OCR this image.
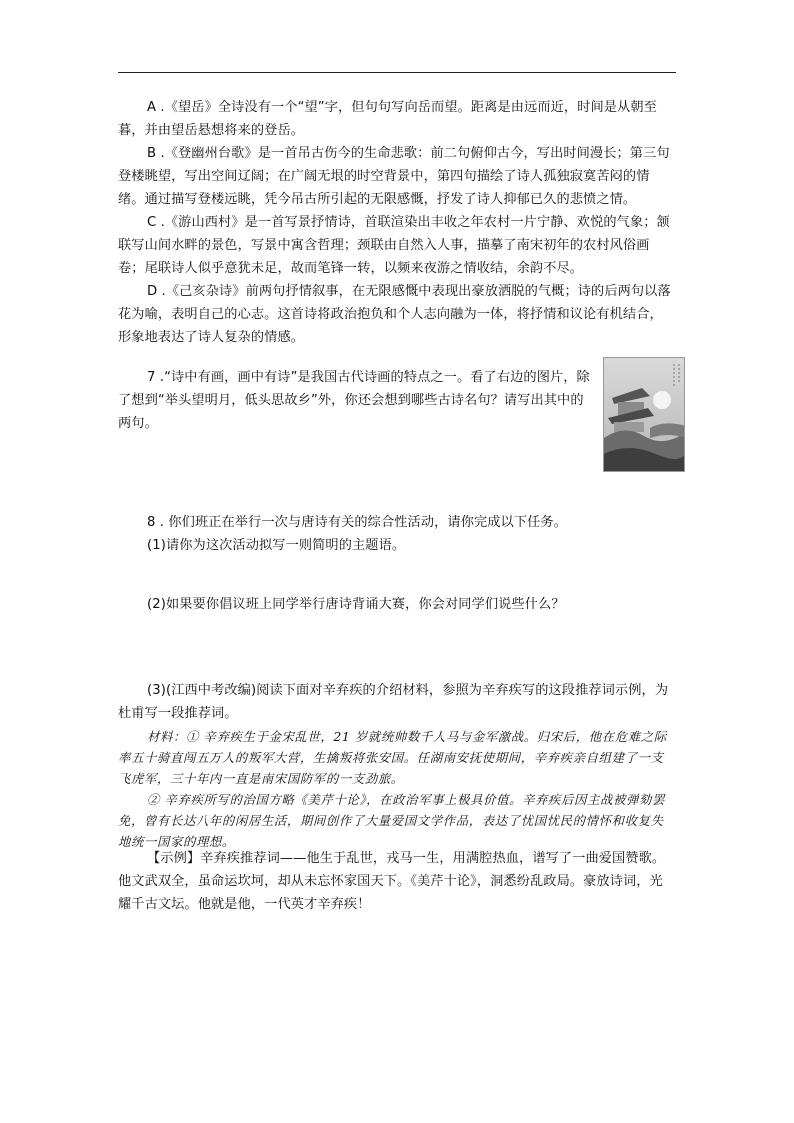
A .《望岳》全诗没有一个“望”字，但句句写向岳而望。距离是由远而近，时间是从朝至暮，并由望岳悬想将来的登岳。

B .《登幽州台歌》是一首吊古伤今的生命悲歌：前二句俯仰古今，写出时间漫长；第三句登楼眺望，写出空间辽阔；在广阔无垠的时空背景中，第四句描绘了诗人孤独寂寞苦闷的情绪。通过描写登楼远眺，凭今吊古所引起的无限感慨，抒发了诗人抑郁已久的悲愤之情。

C .《游山西村》是一首写景抒情诗，首联渲染出丰收之年农村一片宁静、欢悦的气象；颔联写山间水畔的景色，写景中寓含哲理；颈联由自然入人事，描摹了南宋初年的农村风俗画卷；尾联诗人似乎意犹未足，故而笔锋一转，以频来夜游之情收结，余韵不尽。

D .《己亥杂诗》前两句抒情叙事，在无限感慨中表现出豪放洒脱的气概；诗的后两句以落花为喻，表明自己的心志。这首诗将政治抱负和个人志向融为一体，将抒情和议论有机结合，形象地表达了诗人复杂的情感。

7 .“诗中有画，画中有诗”是我国古代诗画的特点之一。看了右边的图片，除了想到“举头望明月，低头思故乡”外，你还会想到哪些古诗名句？请写出其中的两句。

8 . 你们班正在举行一次与唐诗有关的综合性活动，请你完成以下任务。

(1)请你为这次活动拟写一则简明的主题语。

(2)如果要你倡议班上同学举行唐诗背诵大赛，你会对同学们说些什么？

(3)(江西中考改编)阅读下面对辛弃疾的介绍材料，参照为辛弃疾写的这段推荐词示例，为杜甫写一段推荐词。

材料：① 辛弃疾生于金宋乱世，21 岁就统帅数千人马与金军激战。归宋后，他在危难之际率五十骑直闯五万人的叛军大营，生擒叛将张安国。任湖南安抚使期间，辛弃疾亲自组建了一支飞虎军，三十年内一直是南宋国防军的一支劲旅。

② 辛弃疾所写的治国方略《美芹十论》，在政治军事上极具价值。辛弃疾后因主战被弹劾罢免，曾有长达八年的闲居生活，期间创作了大量爱国文学作品，表达了忧国忧民的情怀和收复失地统一国家的理想。

【示例】辛弃疾推荐词——他生于乱世，戎马一生，用满腔热血，谱写了一曲爱国赞歌。他文武双全，虽命运坎坷，却从未忘怀家国天下。《美芹十论》，洞悉纷乱政局。豪放诗词，光耀千古文坛。他就是他，一代英才辛弃疾！
